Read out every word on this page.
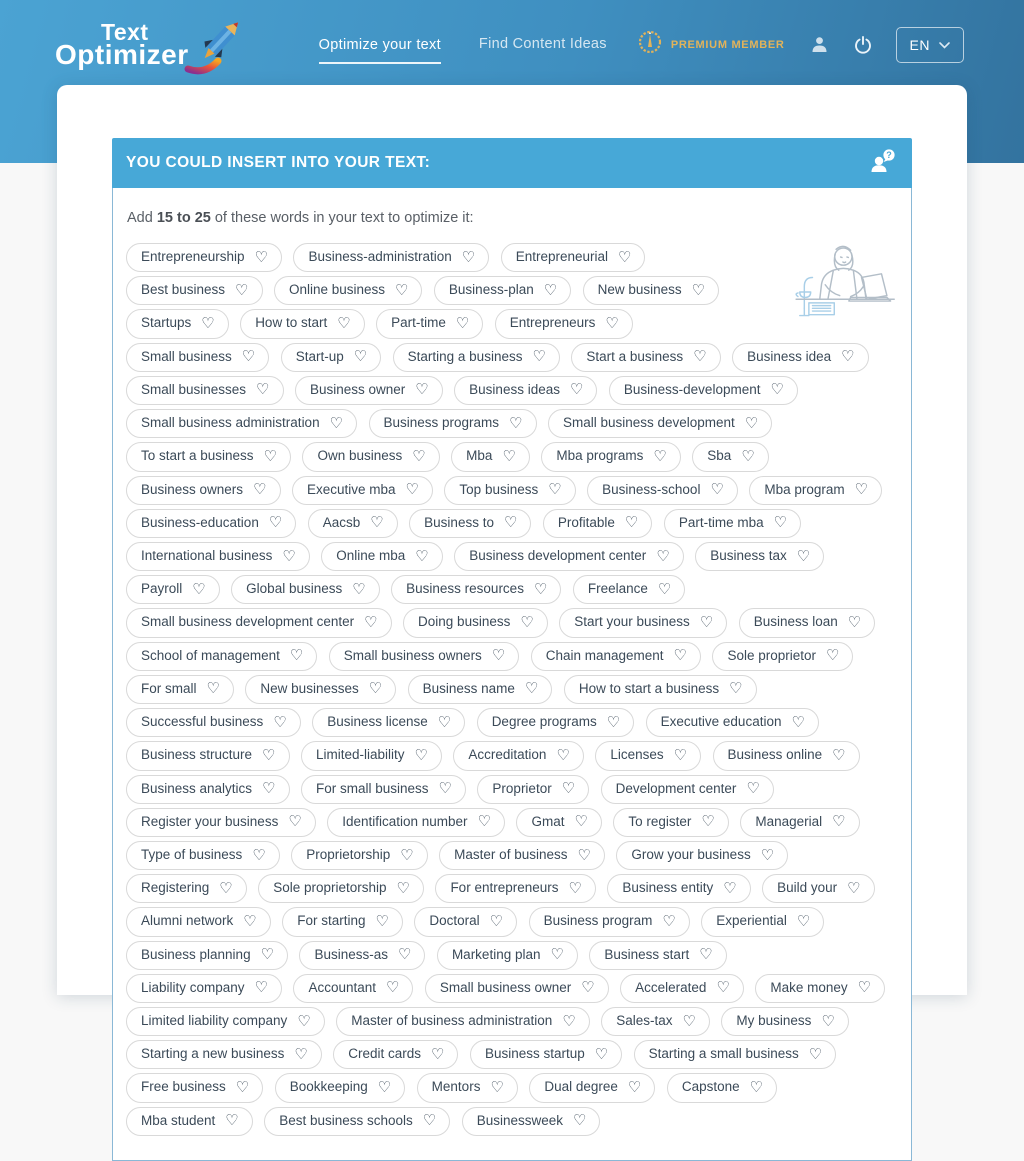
Text
Optimizer	Optimize your text	Find Content Ideas	PREMIUM MEMBER	EN
YOU COULD INSERT INTO YOUR TEXT:	?

Add 15 to 25 of these words in your text to optimize it:

Entrepreneurship ♡
	Business-administration ♡
	Entrepreneurial ♡

Best business ♡
	Online business ♡
	Business-plan ♡
	New business ♡

Startups ♡
	How to start ♡
	Part-time ♡
	Entrepreneurs ♡

Small business ♡
	Start-up ♡
	Starting a business ♡
	Start a business ♡
	Business idea ♡

Small businesses ♡
	Business owner ♡
	Business ideas ♡
	Business-development ♡

Small business administration ♡
	Business programs ♡
	Small business development ♡

To start a business ♡
	Own business ♡
	Mba ♡
	Mba programs ♡
	Sba ♡

Business owners ♡
	Executive mba ♡
	Top business ♡
	Business-school ♡
	Mba program ♡

Business-education ♡
	Aacsb ♡
	Business to ♡
	Profitable ♡
	Part-time mba ♡

International business ♡
	Online mba ♡
	Business development center ♡
	Business tax ♡

Payroll ♡
	Global business ♡
	Business resources ♡
	Freelance ♡

Small business development center ♡
	Doing business ♡
	Start your business ♡
	Business loan ♡

School of management ♡
	Small business owners ♡
	Chain management ♡
	Sole proprietor ♡

For small ♡
	New businesses ♡
	Business name ♡
	How to start a business ♡

Successful business ♡
	Business license ♡
	Degree programs ♡
	Executive education ♡

Business structure ♡
	Limited-liability ♡
	Accreditation ♡
	Licenses ♡
	Business online ♡

Business analytics ♡
	For small business ♡
	Proprietor ♡
	Development center ♡

Register your business ♡
	Identification number ♡
	Gmat ♡
	To register ♡
	Managerial ♡

Type of business ♡
	Proprietorship ♡
	Master of business ♡
	Grow your business ♡

Registering ♡
	Sole proprietorship ♡
	For entrepreneurs ♡
	Business entity ♡
	Build your ♡

Alumni network ♡
	For starting ♡
	Doctoral ♡
	Business program ♡
	Experiential ♡

Business planning ♡
	Business-as ♡
	Marketing plan ♡
	Business start ♡

Liability company ♡
	Accountant ♡
	Small business owner ♡
	Accelerated ♡
	Make money ♡

Limited liability company ♡
	Master of business administration ♡
	Sales-tax ♡
	My business ♡

Starting a new business ♡
	Credit cards ♡
	Business startup ♡
	Starting a small business ♡

Free business ♡
	Bookkeeping ♡
	Mentors ♡
	Dual degree ♡
	Capstone ♡

Mba student ♡
	Best business schools ♡
	Businessweek ♡
